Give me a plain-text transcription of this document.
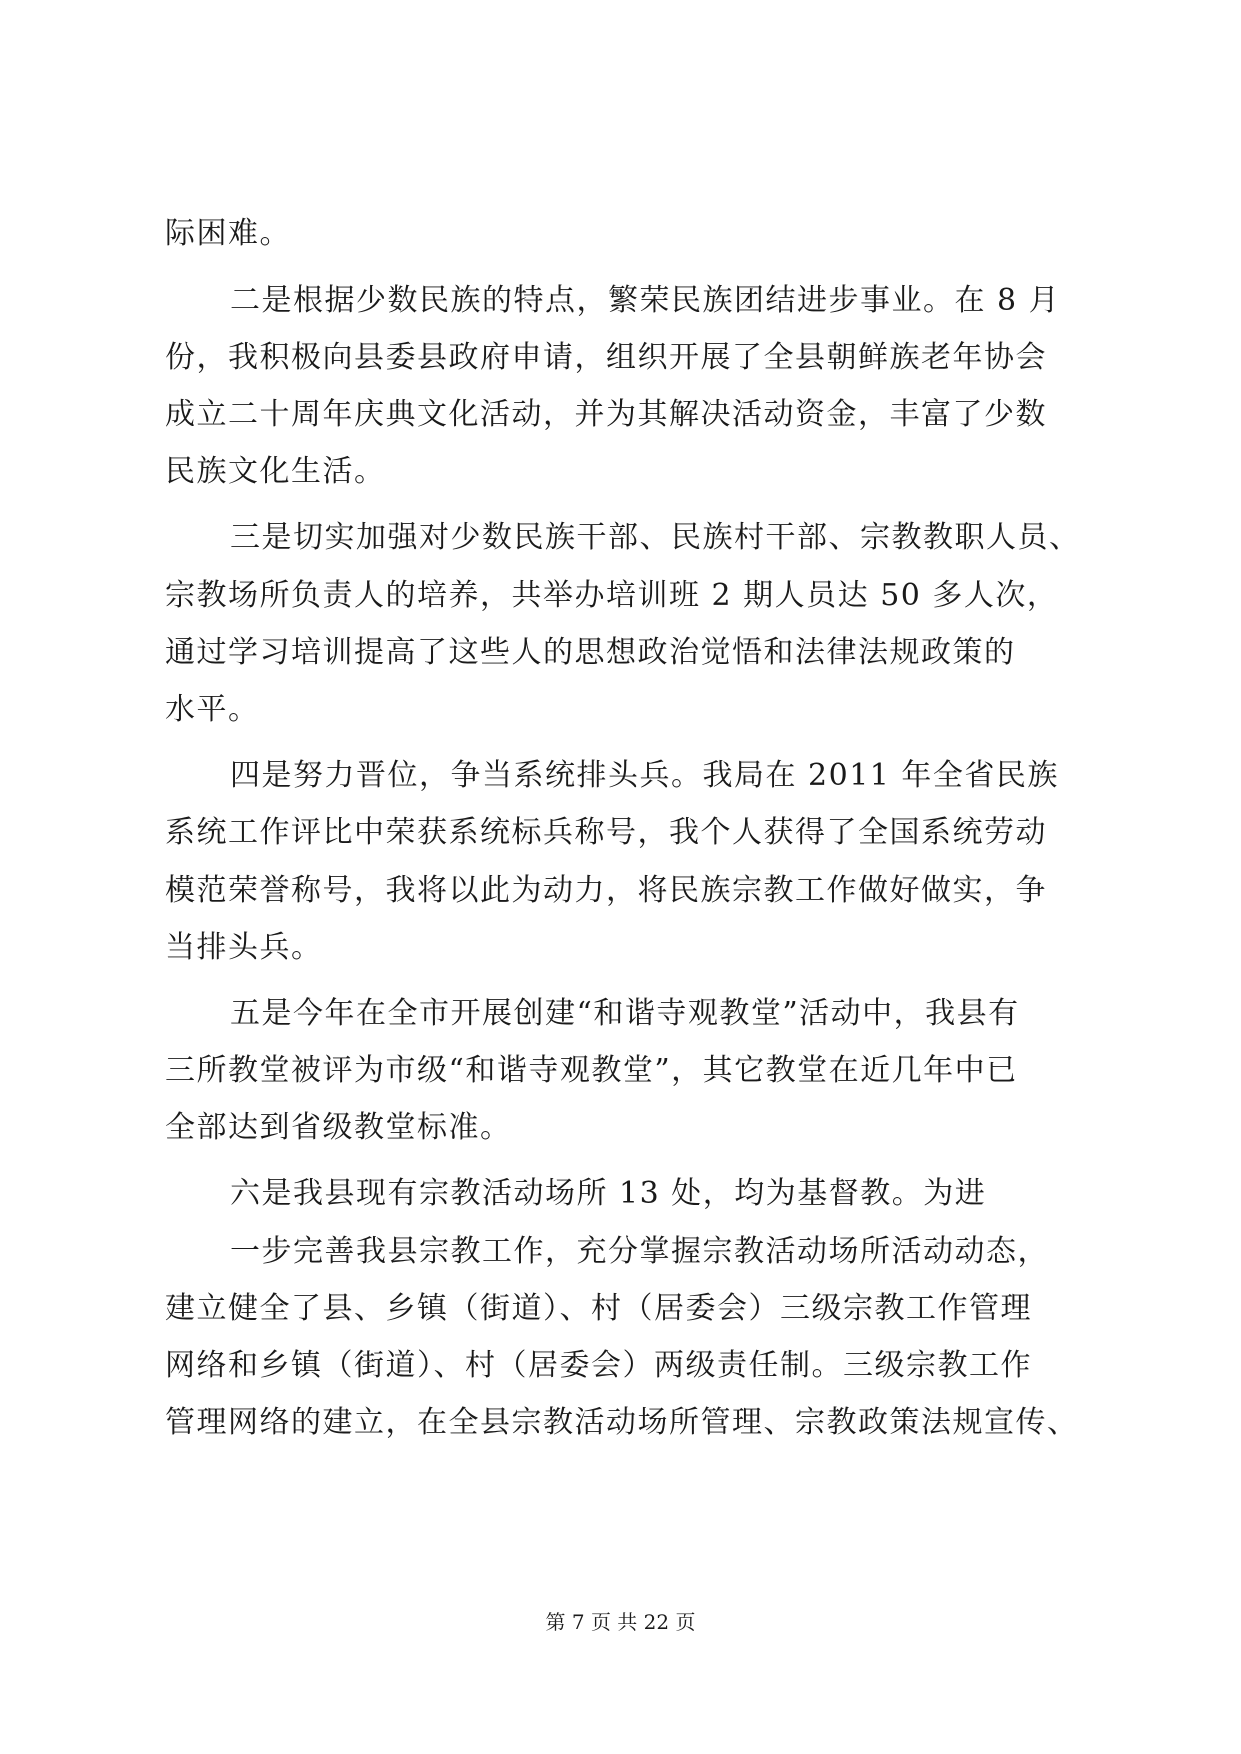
际困难。
二是根据少数民族的特点，繁荣民族团结进步事业。在 8 月
份，我积极向县委县政府申请，组织开展了全县朝鲜族老年协会
成立二十周年庆典文化活动，并为其解决活动资金，丰富了少数
民族文化生活。
三是切实加强对少数民族干部、民族村干部、宗教教职人员、
宗教场所负责人的培养，共举办培训班 2 期人员达 50 多人次，
通过学习培训提高了这些人的思想政治觉悟和法律法规政策的
水平。
四是努力晋位，争当系统排头兵。我局在 2011 年全省民族
系统工作评比中荣获系统标兵称号，我个人获得了全国系统劳动
模范荣誉称号，我将以此为动力，将民族宗教工作做好做实，争
当排头兵。
五是今年在全市开展创建“和谐寺观教堂”活动中，我县有
三所教堂被评为市级“和谐寺观教堂”，其它教堂在近几年中已
全部达到省级教堂标准。
六是我县现有宗教活动场所 13 处，均为基督教。为进
一步完善我县宗教工作，充分掌握宗教活动场所活动动态，
建立健全了县、乡镇（街道）、村（居委会）三级宗教工作管理
网络和乡镇（街道）、村（居委会）两级责任制。三级宗教工作
管理网络的建立，在全县宗教活动场所管理、宗教政策法规宣传、
第 7 页 共 22 页
